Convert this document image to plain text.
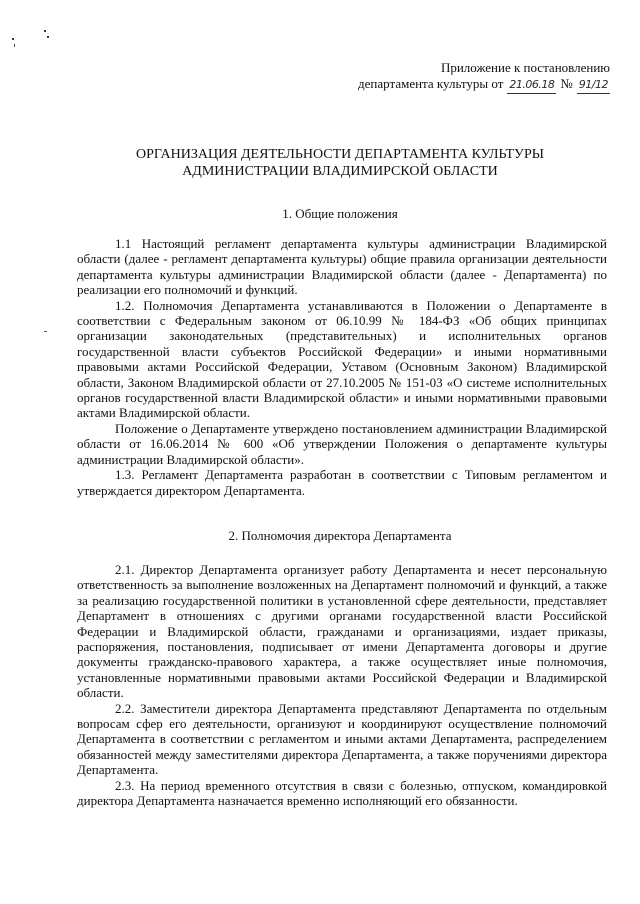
Приложение к постановлению
департамента культуры от 21.06.18 № 91/12
ОРГАНИЗАЦИЯ ДЕЯТЕЛЬНОСТИ ДЕПАРТАМЕНТА КУЛЬТУРЫ
АДМИНИСТРАЦИИ ВЛАДИМИРСКОЙ ОБЛАСТИ
1. Общие положения

1.1 Настоящий регламент департамента культуры администрации Владимирской области (далее - регламент департамента культуры) общие правила организации деятельности департамента культуры администрации Владимирской области (далее - Департамента) по реализации его полномочий и функций.

1.2. Полномочия Департамента устанавливаются в Положении о Департаменте в соответствии с Федеральным законом от 06.10.99 № 184-ФЗ «Об общих принципах организации законодательных (представительных) и исполнительных органов государственной власти субъектов Российской Федерации» и иными нормативными правовыми актами Российской Федерации, Уставом (Основным Законом) Владимирской области, Законом Владимирской области от 27.10.2005 № 151-03 «О системе исполнительных органов государственной власти Владимирской области» и иными нормативными правовыми актами Владимирской области.

Положение о Департаменте утверждено постановлением администрации Владимирской области от 16.06.2014 № 600 «Об утверждении Положения о департаменте культуры администрации Владимирской области».

1.3. Регламент Департамента разработан в соответствии с Типовым регламентом и утверждается директором Департамента.

2. Полномочия директора Департамента

2.1. Директор Департамента организует работу Департамента и несет персональную ответственность за выполнение возложенных на Департамент полномочий и функций, а также за реализацию государственной политики в установленной сфере деятельности, представляет Департамент в отношениях с другими органами государственной власти Российской Федерации и Владимирской области, гражданами и организациями, издает приказы, распоряжения, постановления, подписывает от имени Департамента договоры и другие документы гражданско-правового характера, а также осуществляет иные полномочия, установленные нормативными правовыми актами Российской Федерации и Владимирской области.

2.2. Заместители директора Департамента представляют Департамента по отдельным вопросам сфер его деятельности, организуют и координируют осуществление полномочий Департамента в соответствии с регламентом и иными актами Департамента, распределением обязанностей между заместителями директора Департамента, а также поручениями директора Департамента.

2.3. На период временного отсутствия в связи с болезнью, отпуском, командировкой директора Департамента назначается временно исполняющий его обязанности.
